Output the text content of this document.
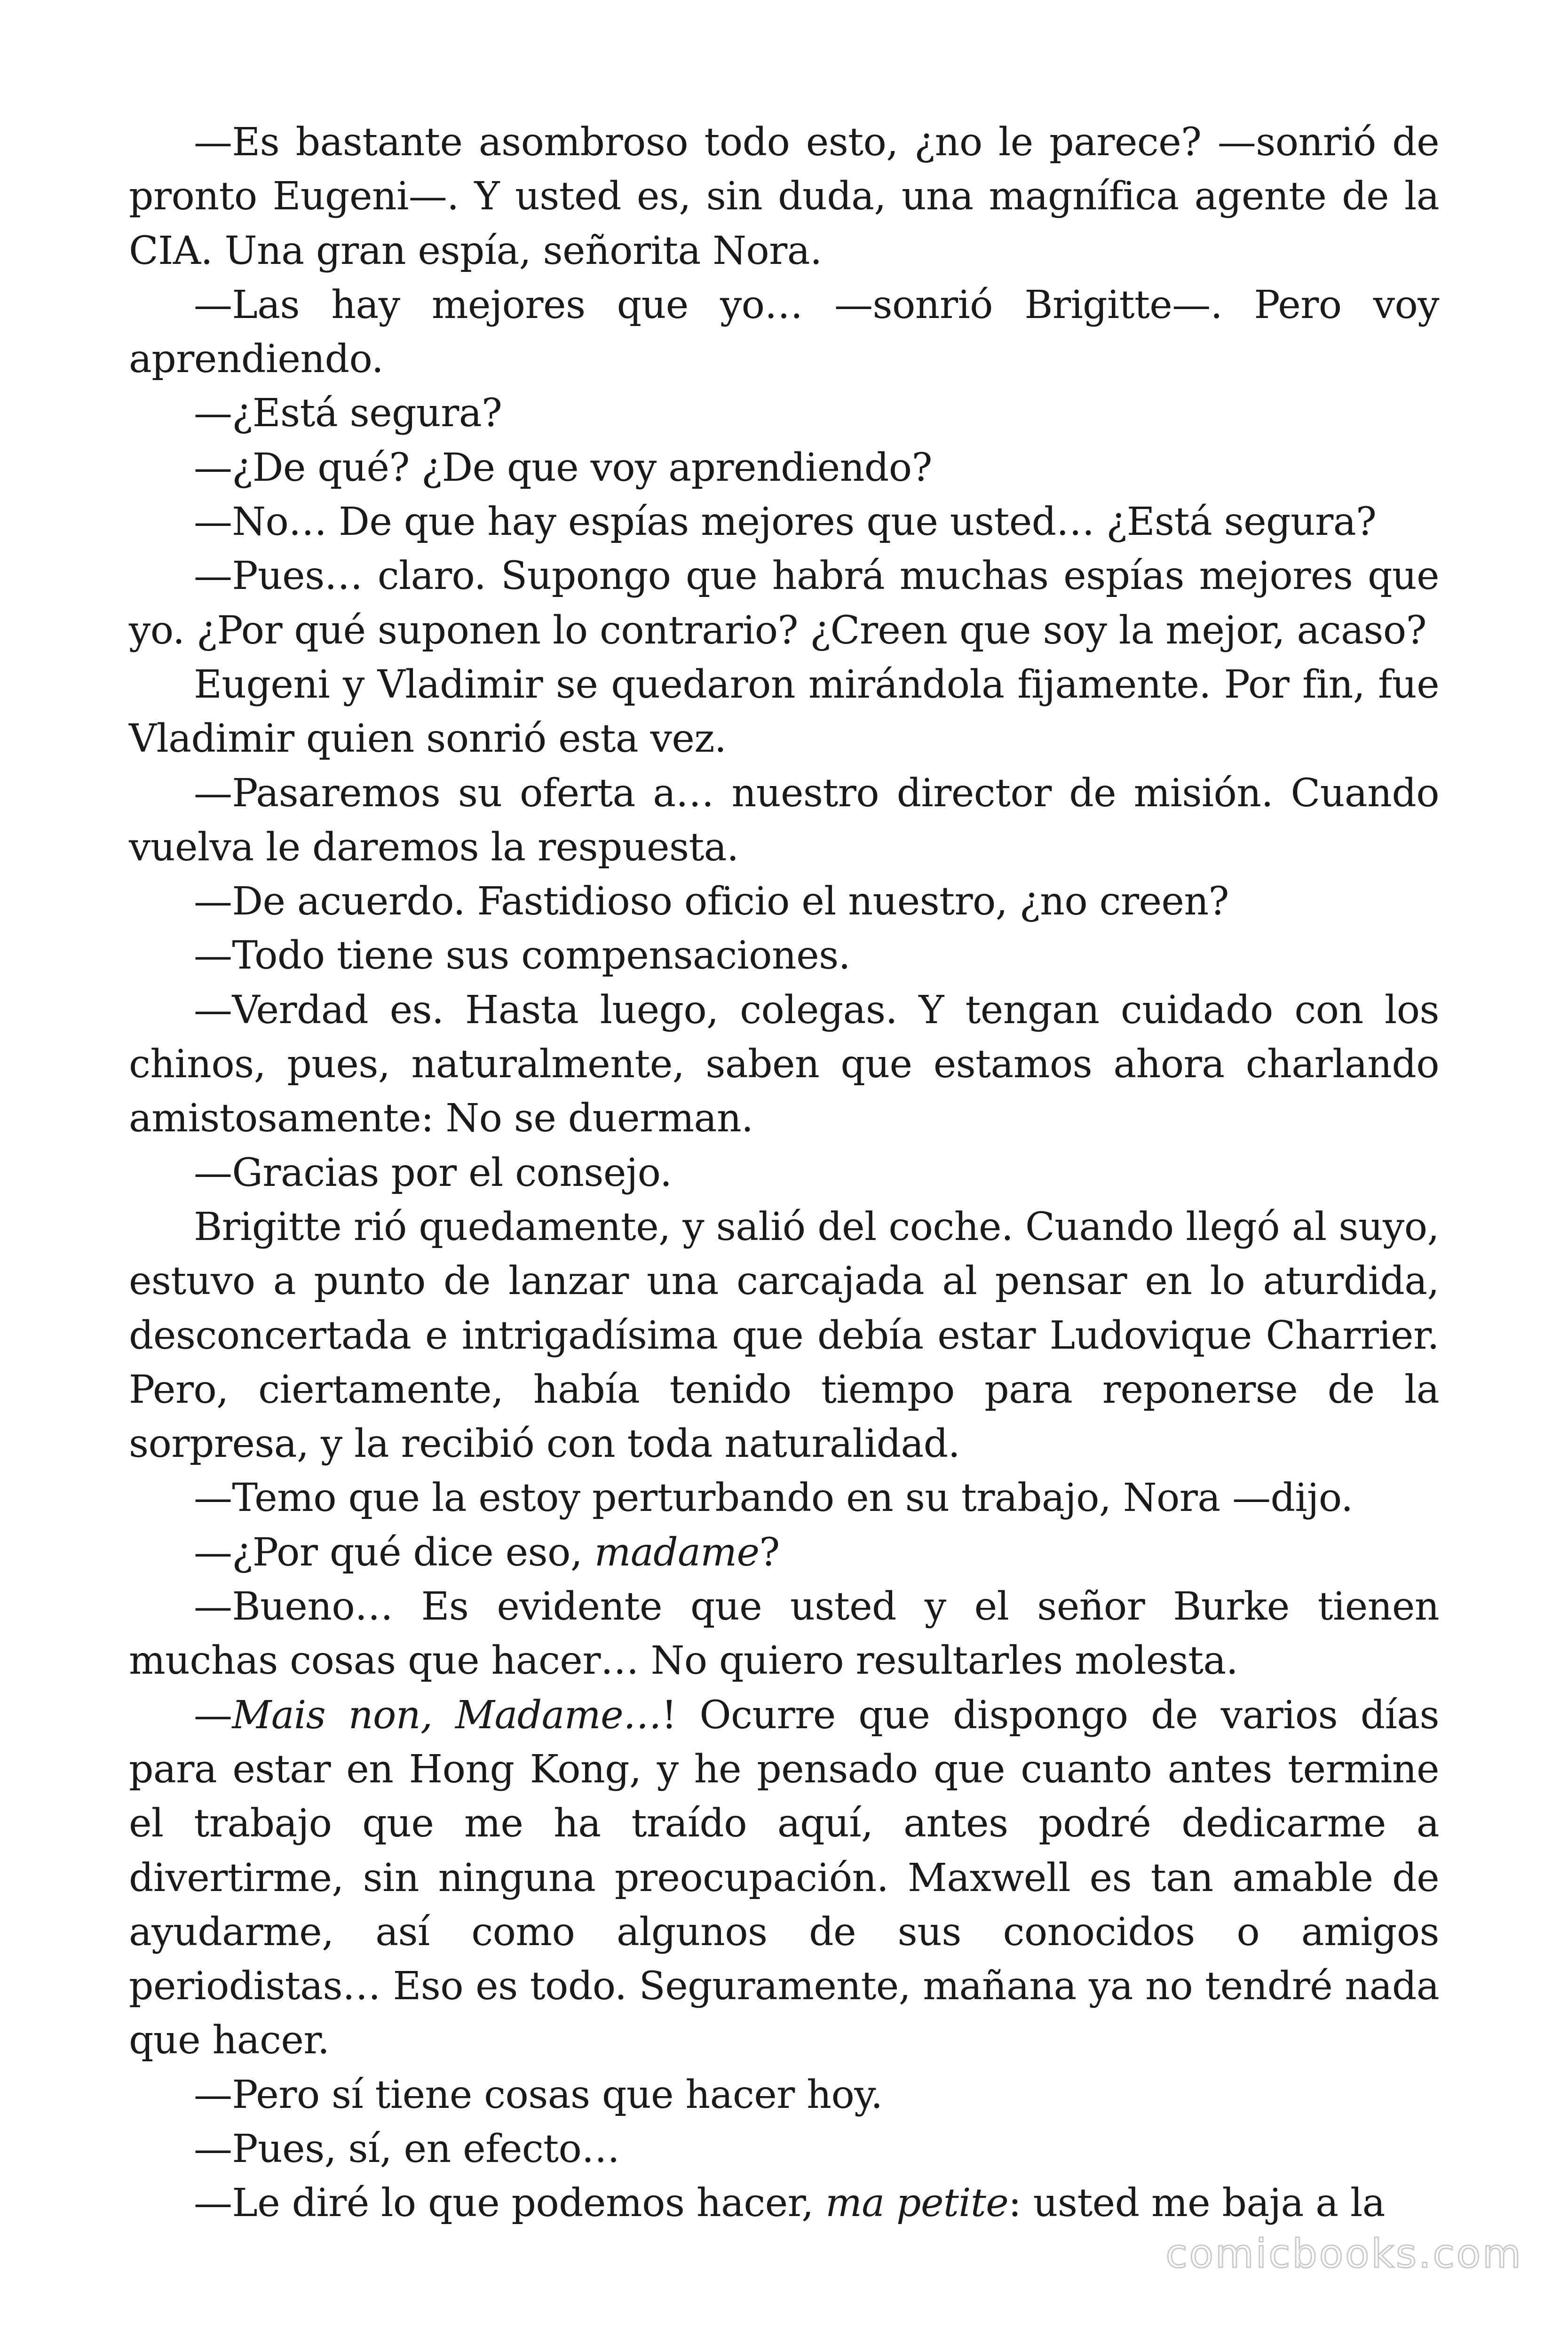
—Es bastante asombroso todo esto, ¿no le parece? —sonrió de pronto Eugeni—. Y usted es, sin duda, una magnífica agente de la CIA. Una gran espía, señorita Nora.

—Las hay mejores que yo… —sonrió Brigitte—. Pero voy aprendiendo.

—¿Está segura?

—¿De qué? ¿De que voy aprendiendo?

—No… De que hay espías mejores que usted… ¿Está segura?

—Pues… claro. Supongo que habrá muchas espías mejores que yo. ¿Por qué suponen lo contrario? ¿Creen que soy la mejor, acaso?

Eugeni y Vladimir se quedaron mirándola fijamente. Por fin, fue Vladimir quien sonrió esta vez.

—Pasaremos su oferta a… nuestro director de misión. Cuando vuelva le daremos la respuesta.

—De acuerdo. Fastidioso oficio el nuestro, ¿no creen?

—Todo tiene sus compensaciones.

—Verdad es. Hasta luego, colegas. Y tengan cuidado con los chinos, pues, naturalmente, saben que estamos ahora charlando amistosamente: No se duerman.

—Gracias por el consejo.

Brigitte rió quedamente, y salió del coche. Cuando llegó al suyo, estuvo a punto de lanzar una carcajada al pensar en lo aturdida, desconcertada e intrigadísima que debía estar Ludovique Charrier. Pero, ciertamente, había tenido tiempo para reponerse de la sorpresa, y la recibió con toda naturalidad.

—Temo que la estoy perturbando en su trabajo, Nora —dijo.

—¿Por qué dice eso, madame?

—Bueno… Es evidente que usted y el señor Burke tienen muchas cosas que hacer… No quiero resultarles molesta.

—Mais non, Madame…! Ocurre que dispongo de varios días para estar en Hong Kong, y he pensado que cuanto antes termine el trabajo que me ha traído aquí, antes podré dedicarme a divertirme, sin ninguna preocupación. Maxwell es tan amable de ayudarme, así como algunos de sus conocidos o amigos periodistas… Eso es todo. Seguramente, mañana ya no tendré nada que hacer.

—Pero sí tiene cosas que hacer hoy.

—Pues, sí, en efecto…

—Le diré lo que podemos hacer, ma petite: usted me baja a la

comicbooks.com
